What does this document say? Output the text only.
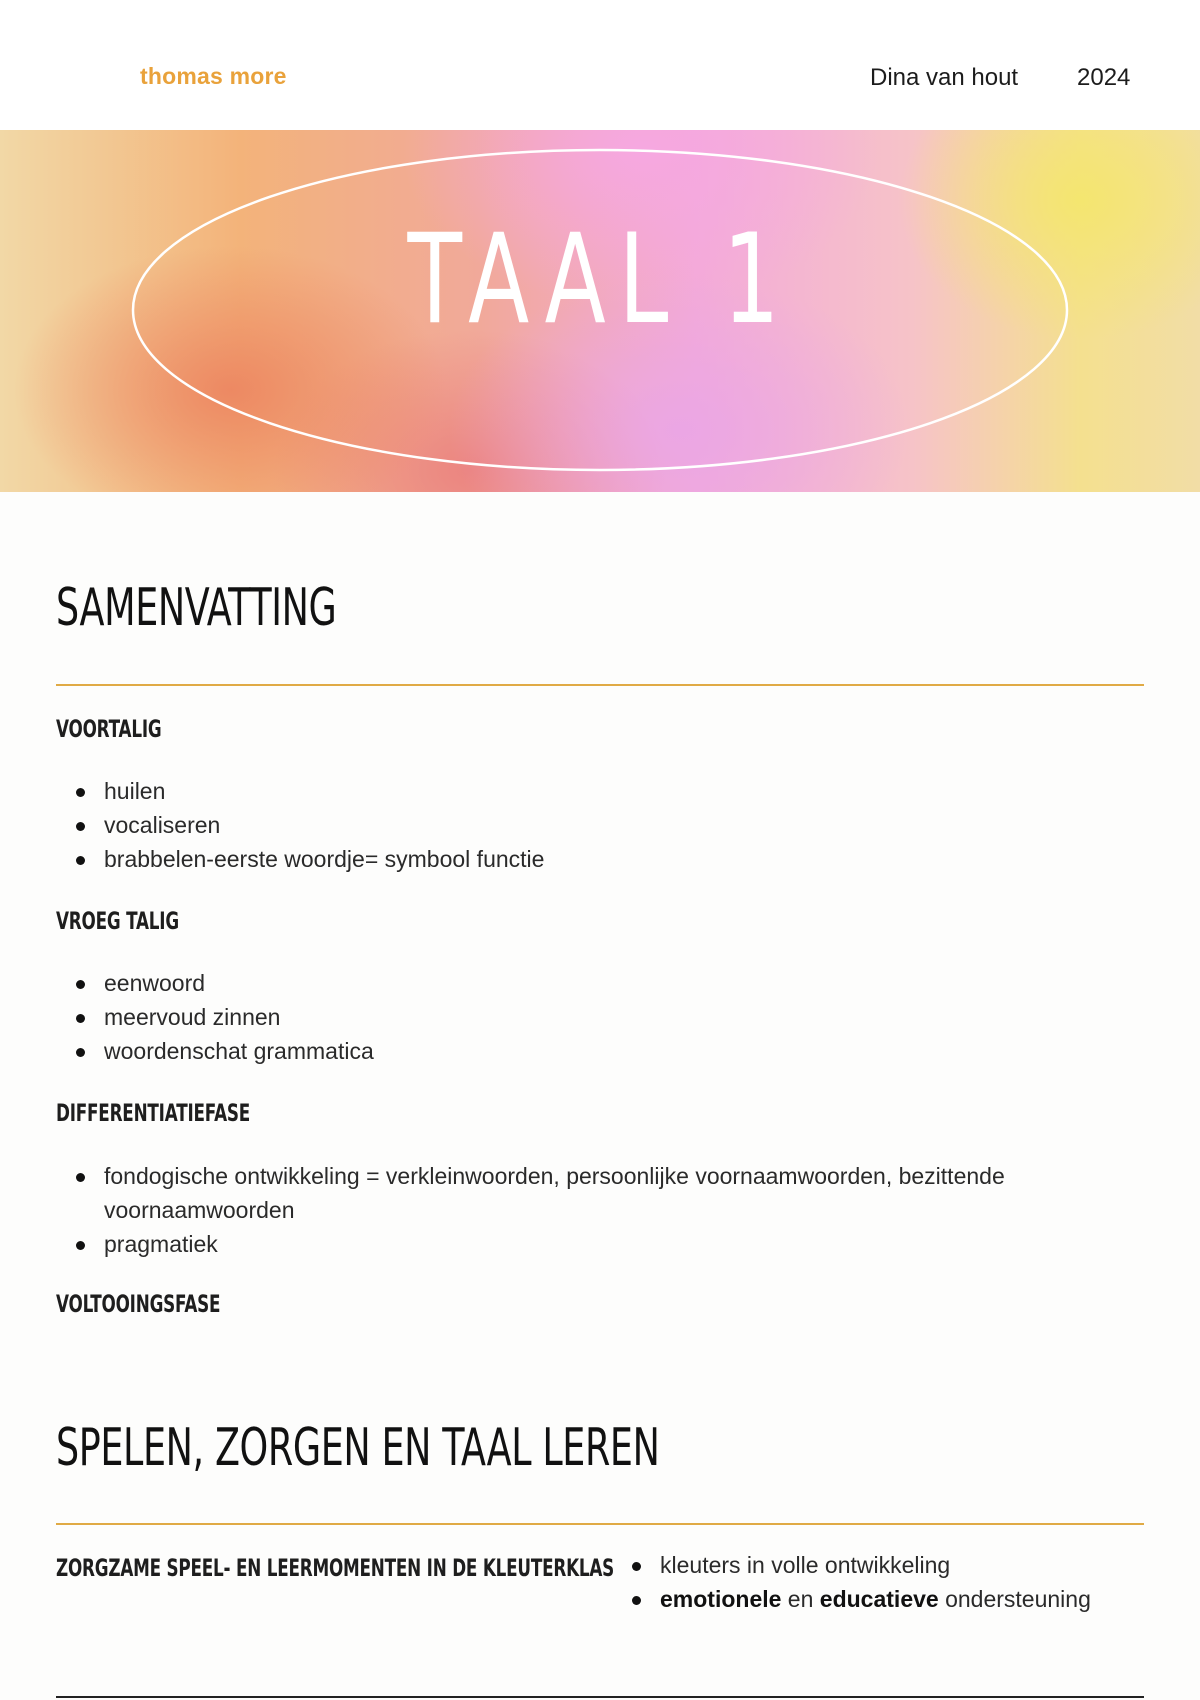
thomas more	Dina van hout 2024
TAAL 1
SAMENVATTING
VOORTALIG
huilen
vocaliseren
brabbelen-eerste woordje= symbool functie
VROEG TALIG
eenwoord
meervoud zinnen
woordenschat grammatica
DIFFERENTIATIEFASE
fondogische ontwikkeling = verkleinwoorden, persoonlijke voornaamwoorden, bezittende voornaamwoorden
pragmatiek
VOLTOOINGSFASE
SPELEN, ZORGEN EN TAAL LEREN
ZORGZAME SPEEL- EN LEERMOMENTEN IN DE KLEUTERKLAS	kleuters in volle ontwikkeling
emotionele en educatieve ondersteuning
